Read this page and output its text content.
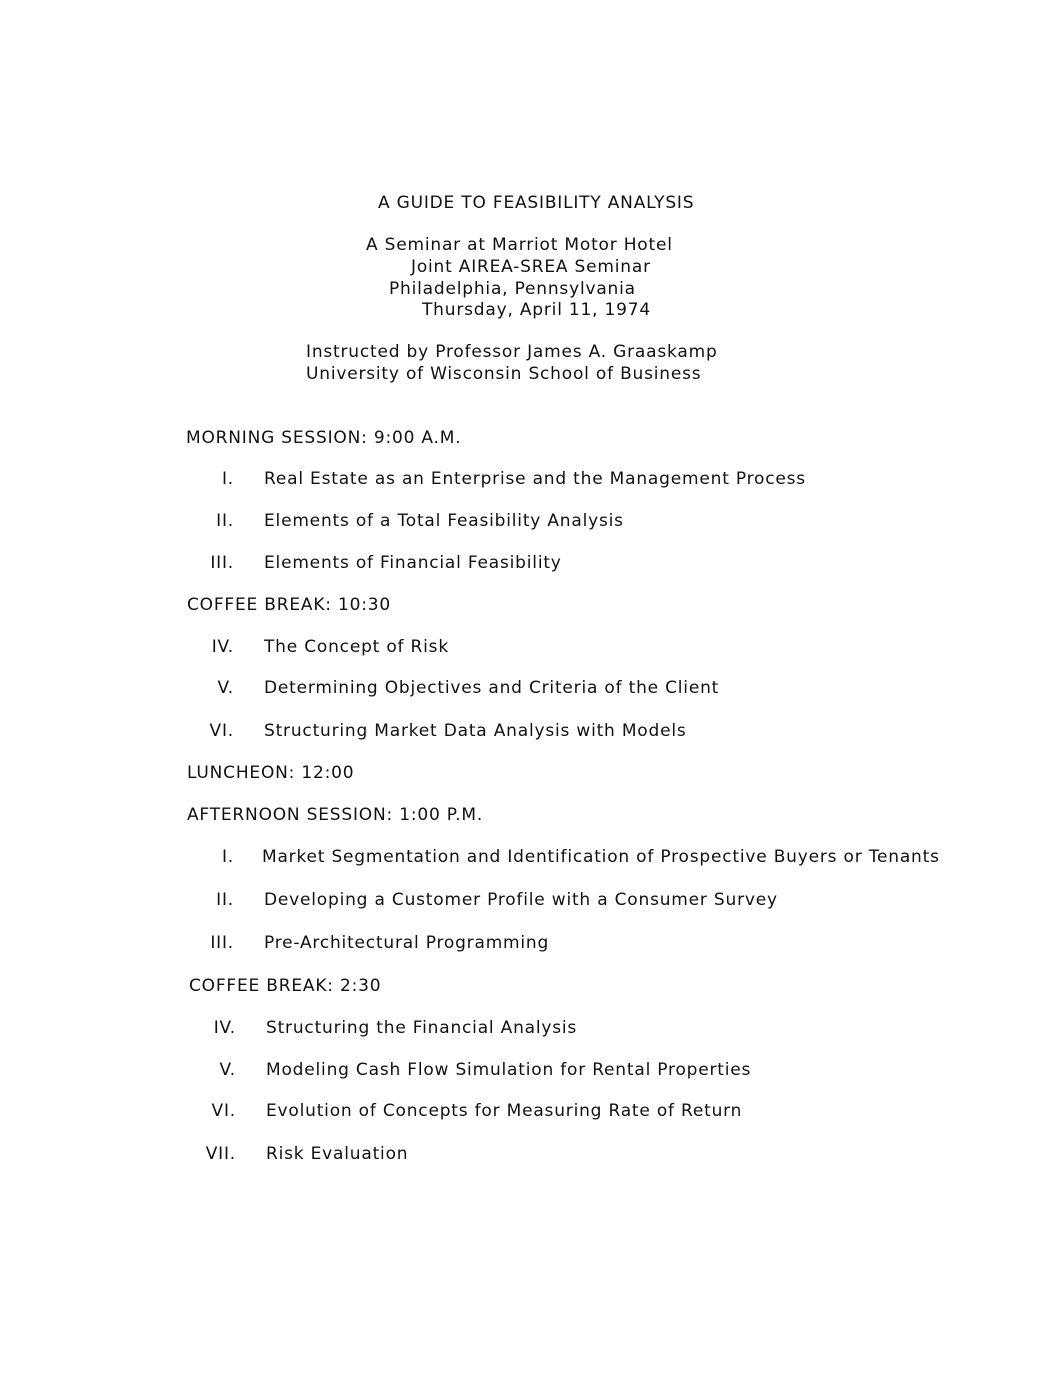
A GUIDE TO FEASIBILITY ANALYSIS
A Seminar at Marriot Motor Hotel
Joint AIREA-SREA Seminar
Philadelphia, Pennsylvania
Thursday, April 11, 1974
Instructed by Professor James A. Graaskamp
University of Wisconsin School of Business
MORNING SESSION: 9:00 A.M.
I. Real Estate as an Enterprise and the Management Process
II. Elements of a Total Feasibility Analysis
III. Elements of Financial Feasibility
COFFEE BREAK: 10:30
IV. The Concept of Risk
V. Determining Objectives and Criteria of the Client
VI. Structuring Market Data Analysis with Models
LUNCHEON: 12:00
AFTERNOON SESSION: 1:00 P.M.
I. Market Segmentation and Identification of Prospective Buyers or Tenants
II. Developing a Customer Profile with a Consumer Survey
III. Pre-Architectural Programming
COFFEE BREAK: 2:30
IV. Structuring the Financial Analysis
V. Modeling Cash Flow Simulation for Rental Properties
VI. Evolution of Concepts for Measuring Rate of Return
VII. Risk Evaluation
